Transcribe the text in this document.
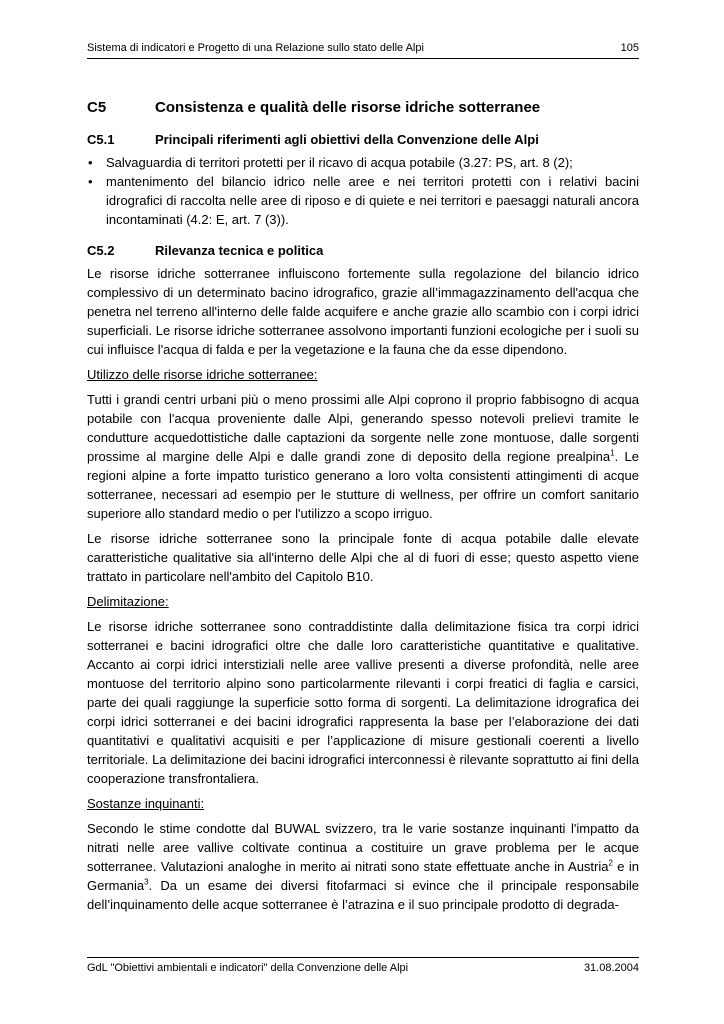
Sistema di indicatori e Progetto di una Relazione sullo stato delle Alpi	105
C5	Consistenza e qualità delle risorse idriche sotterranee
C5.1	Principali riferimenti agli obiettivi della Convenzione delle Alpi
• Salvaguardia di territori protetti per il ricavo di acqua potabile (3.27: PS, art. 8 (2);
• mantenimento del bilancio idrico nelle aree e nei territori protetti con i relativi bacini idrografici di raccolta nelle aree di riposo e di quiete e nei territori e paesaggi naturali ancora incontaminati (4.2: E, art. 7 (3)).
C5.2	Rilevanza tecnica e politica

Le risorse idriche sotterranee influiscono fortemente sulla regolazione del bilancio idrico complessivo di un determinato bacino idrografico, grazie all’immagazzinamento dell'acqua che penetra nel terreno all'interno delle falde acquifere e anche grazie allo scambio con i corpi idrici superficiali. Le risorse idriche sotterranee assolvono importanti funzioni ecologiche per i suoli su cui influisce l'acqua di falda e per la vegetazione e la fauna che da esse dipendono.

Utilizzo delle risorse idriche sotterranee:

Tutti i grandi centri urbani più o meno prossimi alle Alpi coprono il proprio fabbisogno di acqua potabile con l'acqua proveniente dalle Alpi, generando spesso notevoli prelievi tramite le condutture acquedottistiche dalle captazioni da sorgente nelle zone montuose, dalle sorgenti prossime al margine delle Alpi e dalle grandi zone di deposito della regione prealpina$^1$. Le regioni alpine a forte impatto turistico generano a loro volta consistenti attingimenti di acque sotterranee, necessari ad esempio per le stutture di wellness, per offrire un comfort sanitario superiore allo standard medio o per l'utilizzo a scopo irriguo.

Le risorse idriche sotterranee sono la principale fonte di acqua potabile dalle elevate caratteristiche qualitative sia all'interno delle Alpi che al di fuori di esse; questo aspetto viene trattato in particolare nell'ambito del Capitolo B10.

Delimitazione:

Le risorse idriche sotterranee sono contraddistinte dalla delimitazione fisica tra corpi idrici sotterranei e bacini idrografici oltre che dalle loro caratteristiche quantitative e qualitative. Accanto ai corpi idrici interstiziali nelle aree vallive presenti a diverse profondità, nelle aree montuose del territorio alpino sono particolarmente rilevanti i corpi freatici di faglia e carsici, parte dei quali raggiunge la superficie sotto forma di sorgenti. La delimitazione idrografica dei corpi idrici sotterranei e dei bacini idrografici rappresenta la base per l’elaborazione dei dati quantitativi e qualitativi acquisiti e per l’applicazione di misure gestionali coerenti a livello territoriale. La delimitazione dei bacini idrografici interconnessi è rilevante soprattutto ai fini della cooperazione transfrontaliera.

Sostanze inquinanti:

Secondo le stime condotte dal BUWAL svizzero, tra le varie sostanze inquinanti l'impatto da nitrati nelle aree vallive coltivate continua a costituire un grave problema per le acque sotterranee. Valutazioni analoghe in merito ai nitrati sono state effettuate anche in Austria$^2$ e in Germania$^3$. Da un esame dei diversi fitofarmaci si evince che il principale responsabile dell’inquinamento delle acque sotterranee è l’atrazina e il suo principale prodotto di degrada-

GdL "Obiettivi ambientali e indicatori" della Convenzione delle Alpi	31.08.2004
